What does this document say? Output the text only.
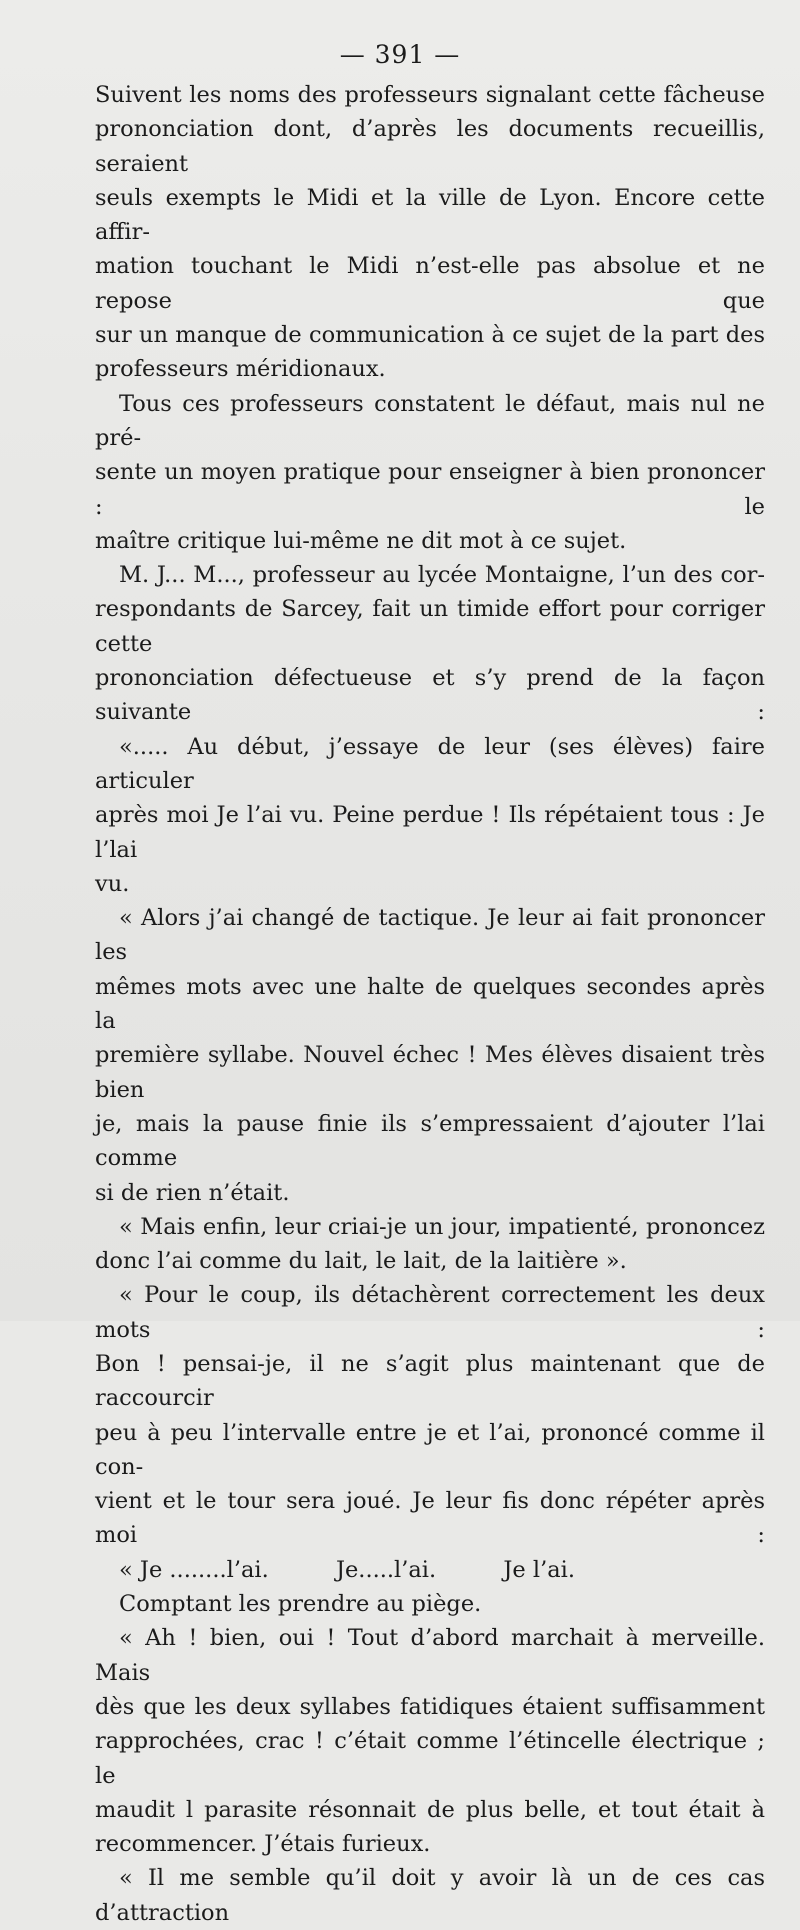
— 391 —

Suivent les noms des professeurs signalant cette fâcheuse

prononciation dont, d’après les documents recueillis, seraient

seuls exempts le Midi et la ville de Lyon. Encore cette affir-

mation touchant le Midi n’est-elle pas absolue et ne repose que

sur un manque de communication à ce sujet de la part des

professeurs méridionaux.

Tous ces professeurs constatent le défaut, mais nul ne pré-

sente un moyen pratique pour enseigner à bien prononcer : le

maître critique lui-même ne dit mot à ce sujet.

M. J... M..., professeur au lycée Montaigne, l’un des cor-

respondants de Sarcey, fait un timide effort pour corriger cette

prononciation défectueuse et s’y prend de la façon suivante :

«..... Au début, j’essaye de leur (ses élèves) faire articuler

après moi Je l’ai vu. Peine perdue ! Ils répétaient tous : Je l’lai

vu.

« Alors j’ai changé de tactique. Je leur ai fait prononcer les

mêmes mots avec une halte de quelques secondes après la

première syllabe. Nouvel échec ! Mes élèves disaient très bien

je, mais la pause finie ils s’empressaient d’ajouter l’lai comme

si de rien n’était.

« Mais enfin, leur criai-je un jour, impatienté, prononcez

donc l’ai comme du lait, le lait, de la laitière ».

« Pour le coup, ils détachèrent correctement les deux mots :

Bon ! pensai-je, il ne s’agit plus maintenant que de raccourcir

peu à peu l’intervalle entre je et l’ai, prononcé comme il con-

vient et le tour sera joué. Je leur fis donc répéter après moi :

« Je ........l’ai.	Je.....l’ai.	Je l’ai.

Comptant les prendre au piège.

« Ah ! bien, oui ! Tout d’abord marchait à merveille. Mais

dès que les deux syllabes fatidiques étaient suffisamment

rapprochées, crac ! c’était comme l’étincelle électrique ; le

maudit l parasite résonnait de plus belle, et tout était à

recommencer. J’étais furieux.

« Il me semble qu’il doit y avoir là un de ces cas d’attraction
